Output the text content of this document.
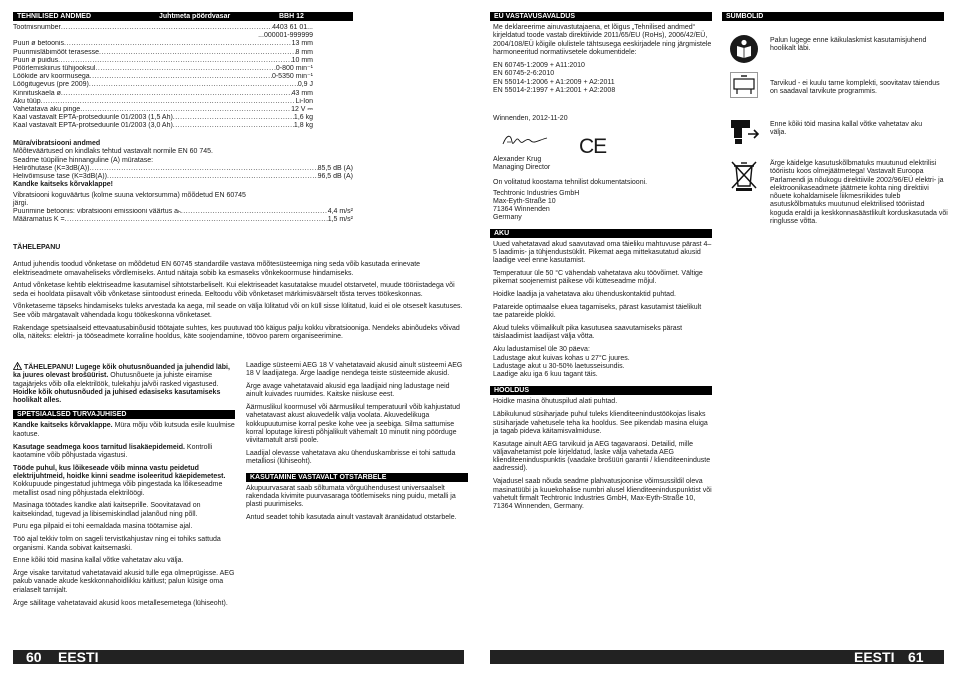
TEHNILISED ANDMED	Juhtmeta pöördvasar	BBH 12
Tootmisnumber .....	4403 61 01...
...000001-999999
Puuri ø betoonis .....	13 mm
Puurimisläbimõõt terasesse .....	8 mm
Puuri ø puidus .....	10 mm
Pöörlemiskiirus tühijooksul .....	0-800 min⁻¹
Löökide arv koormusega .....	0-5350 min⁻¹
Löögitugevus (pre 2009) .....	0,9 J
Kinnituskaela ø .....	43 mm
Aku tüüp .....	Li-Ion
Vahetatava aku pinge .....	12 V ⎓
Kaal vastavalt EPTA-protseduurile 01/2003 (1,5 Ah) .....	1,6 kg
Kaal vastavalt EPTA-protseduurile 01/2003 (3,0 Ah) .....	1,8 kg
Müra/vibratsiooni andmed
Mõõteväärtused on kindlaks tehtud vastavalt normile EN 60 745.
Seadme tüüpiline hinnanguline (A) müratase:
Helirõhutase (K=3dB(A)) .....	85,5 dB (A)
Helivõimsuse tase (K=3dB(A)) .....	96,5 dB (A)
Kandke kaitseks kõrvaklappe!
Vibratsiooni koguväärtus (kolme suuna vektorsumma) mõõdetud EN 60745 järgi.
Puurimine betoonis: vibratsiooni emissiooni väärtus aₕ .....	4,4 m/s²
Määramatus K = .....	1,5 m/s²
TÄHELEPANU

Antud juhendis toodud võnketase on mõõdetud EN 60745 standardile vastava mõõtesüsteemiga ning seda võib kasutada erinevate elektriseadmete omavaheliseks võrdlemiseks. Antud näitaja sobib ka esmaseks võnkekoormuse hindamiseks.

Antud võnketase kehtib elektriseadme kasutamisel sihtotstarbeliselt. Kui elektriseadet kasutatakse muudel otstarvetel, muude tööriistadega või seda ei hooldata piisavalt võib võnketase siintoodust erineda. Eeltoodu võib võnketaset märkimisväärselt tõsta terves töökeskonnas.

Võnketaseme täpseks hindamiseks tuleks arvestada ka aega, mil seade on välja lülitatud või on küll sisse lülitatud, kuid ei ole otseselt kasutuses. See võib märgatavalt vähendada kogu töökeskonna võnketaset.

Rakendage spetsiaalseid ettevaatusabinõusid töötajate suhtes, kes puutuvad töö käigus palju kokku vibratsiooniga. Nendeks abinõudeks võivad olla, näiteks: elektri- ja tööseadmete korraline hooldus, käte soojendamine, töövoo parem organiseerimine.

TÄHELEPANU! Lugege kõik ohutusnõuanded ja juhendid läbi, ka juures olevast brošüürist. Ohutusnõuete ja juhiste eiramise tagajärjeks võib olla elektrilöök, tulekahju ja/või rasked vigastused.
Hoidke kõik ohutusnõuded ja juhised edasiseks kasutamiseks hoolikalt alles.

SPETSIAALSED TURVAJUHISED

Kandke kaitseks kõrvaklappe. Müra mõju võib kutsuda esile kuulmise kaotuse.

Kasutage seadmega koos tarnitud lisakäepidemeid. Kontrolli kaotamine võib põhjustada vigastusi.

Tööde puhul, kus lõikeseade võib minna vastu peidetud elektrijuhtmeid, hoidke kinni seadme isoleeritud käepidemetest. Kokkupuude pingestatud juhtmega võib pingestada ka lõikeseadme metallist osad ning põhjustada elektrilöögi.

Masinaga töötades kandke alati kaitseprille. Soovitatavad on kaitsekindad, tugevad ja libisemiskindlad jalanõud ning põll.

Puru ega pilpaid ei tohi eemaldada masina töötamise ajal.

Töö ajal tekkiv tolm on sageli tervistkahjustav ning ei tohiks sattuda organismi. Kanda sobivat kaitsemaski.

Enne kõiki töid masina kallal võtke vahetatav aku välja.

Ärge visake tarvitatud vahetatavaid akusid tulle ega olmeprügisse. AEG pakub vanade akude keskkonnahoidlikku käitlust; palun küsige oma erialaselt tarnijalt.

Ärge säilitage vahetatavaid akusid koos metallesemetega (lühiseoht).

Laadige süsteemi AEG 18 V vahetatavaid akusid ainult süsteemi AEG 18 V laadijatega. Ärge laadige nendega teiste süsteemide akusid.

Ärge avage vahetatavaid akusid ega laadijaid ning ladustage neid ainult kuivades ruumides. Kaitske niiskuse eest.

Äärmuslikul koormusel või äärmuslikul temperatuuril võib kahjustatud vahetatavast akust akuvedelik välja voolata. Akuvedelikuga kokkupuutumise korral peske kohe vee ja seebiga. Silma sattumise korral loputage kiiresti põhjalikult vähemalt 10 minutit ning pöörduge viivitamatult arsti poole.

Laadijal olevasse vahetatava aku ühenduskambrisse ei tohi sattuda metalliosi (lühiseoht).

KASUTAMINE VASTAVALT OTSTARBELE

Akupuurvasarat saab sõltumata võrguühendusest universaalselt rakendada kivimite puurvasaraga töötlemiseks ning puidu, metalli ja plasti puurimiseks.

Antud seadet tohib kasutada ainult vastavalt äranäidatud otstarbele.

60 EESTI
EÜ VASTAVUSAVALDUS
Me deklareerime ainuvastutajaena, et lõigus „Tehnilised andmed“ kirjeldatud toode vastab direktiivide 2011/65/EU (RoHs), 2006/42/EÜ, 2004/108/EÜ kõigile olulistele tähtsusega eeskirjadele ning järgmistele harmoneeritud normatiivsetele dokumentidele:
EN 60745-1:2009 + A11:2010
EN 60745-2-6:2010
EN 55014-1:2006 + A1:2009 + A2:2011
EN 55014-2:1997 + A1:2001 + A2:2008
Winnenden, 2012-11-20
CE
Alexander Krug
Managing Director
On volitatud koostama tehnilist dokumentatsiooni.
Techtronic Industries GmbH
Max-Eyth-Straße 10
71364 Winnenden
Germany
AKU

Uued vahetatavad akud saavutavad oma täieliku mahtuvuse pärast 4–5 laadimis- ja tühjendustsüklit. Pikemat aega mittekasutatud akusid laadige veel enne kasutamist.

Temperatuur üle 50 °C vähendab vahetatava aku töövõimet. Vältige pikemat soojenemist päikese või kütteseadme mõjul.

Hoidke laadija ja vahetatava aku ühenduskontaktid puhtad.

Patareide optimaalse eluea tagamiseks, pärast kasutamist täielikult tae patareide plokki.

Akud tuleks võimalikult pika kasutusea saavutamiseks pärast täislaadimist laadijast välja võtta.

Aku ladustamisel üle 30 päeva:
Ladustage akut kuivas kohas u 27°C juures.
Ladustage akut u 30-50% laetusseisundis.
Laadige aku iga 6 kuu tagant täis.
HOOLDUS

Hoidke masina õhutuspilud alati puhtad.

Läbikulunud süsiharjade puhul tuleks klienditeenindustöökojas lisaks süsiharjade vahetusele teha ka hooldus. See pikendab masina eluiga ja tagab pideva käitamisvalmiduse.

Kasutage ainult AEG tarvikuid ja AEG tagavaraosi. Detailid, mille väljavahetamist pole kirjeldatud, laske välja vahetada AEG klienditeeninduspunktis (vaadake brošüüri garantii / klienditeeninduste aadressid).

Vajadusel saab nõuda seadme plahvatusjoonise võimsussildil oleva masinatüübi ja kuuekohalise numbri alusel klienditeeninduspunktist või vahetult firmalt Techtronic Industries GmbH, Max-Eyth-Straße 10, 71364 Winnenden, Germany.

SÜMBOLID
Palun lugege enne käikulaskmist kasutamisjuhend hoolikalt läbi.
Tarvikud - ei kuulu tarne komplekti, soovitatav täiendus on saadaval tarvikute programmis.
Enne kõiki töid masina kallal võtke vahetatav aku välja.
Ärge käidelge kasutuskõlbmatuks muutunud elektrilisi tööriistu koos olmejäätmetega! Vastavalt Euroopa Parlamendi ja nõukogu direktiivile 2002/96/EÜ elektri- ja elektroonikaseadmete jäätmete kohta ning direktiivi nõuete kohaldamisele liikmesriikides tuleb asutuskõlbmatuks muutunud elektrilised tööriistad koguda eraldi ja keskkonnasäästlikult korduskasutada või ringlusse võtta.
EESTI 61
